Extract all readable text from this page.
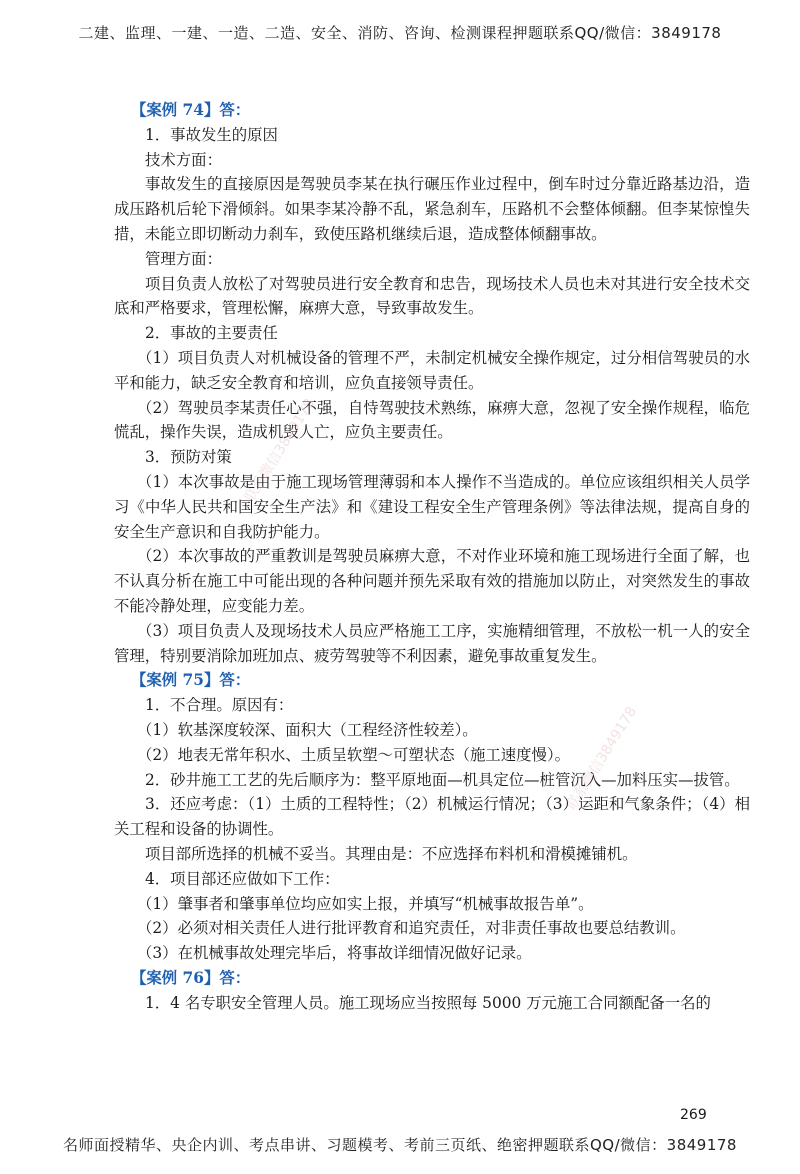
二建、监理、一建、一造、二造、安全、消防、咨询、检测课程押题联系QQ/微信：3849178

【案例 74】答：

1．事故发生的原因

技术方面：

事故发生的直接原因是驾驶员李某在执行碾压作业过程中，倒车时过分靠近路基边沿，造成压路机后轮下滑倾斜。如果李某冷静不乱，紧急刹车，压路机不会整体倾翻。但李某惊惶失措，未能立即切断动力刹车，致使压路机继续后退，造成整体倾翻事故。

管理方面：

项目负责人放松了对驾驶员进行安全教育和忠告，现场技术人员也未对其进行安全技术交底和严格要求，管理松懈，麻痹大意，导致事故发生。

2．事故的主要责任

（1）项目负责人对机械设备的管理不严，未制定机械安全操作规定，过分相信驾驶员的水平和能力，缺乏安全教育和培训，应负直接领导责任。

（2）驾驶员李某责任心不强，自恃驾驶技术熟练，麻痹大意，忽视了安全操作规程，临危慌乱，操作失误，造成机毁人亡，应负主要责任。

3．预防对策

（1）本次事故是由于施工现场管理薄弱和本人操作不当造成的。单位应该组织相关人员学习《中华人民共和国安全生产法》和《建设工程安全生产管理条例》等法律法规，提高自身的安全生产意识和自我防护能力。

（2）本次事故的严重教训是驾驶员麻痹大意，不对作业环境和施工现场进行全面了解，也不认真分析在施工中可能出现的各种问题并预先采取有效的措施加以防止，对突然发生的事故不能冷静处理，应变能力差。

（3）项目负责人及现场技术人员应严格施工工序，实施精细管理，不放松一机一人的安全管理，特别要消除加班加点、疲劳驾驶等不利因素，避免事故重复发生。

【案例 75】答：

1．不合理。原因有：

（1）软基深度较深、面积大（工程经济性较差）。

（2）地表无常年积水、土质呈软塑～可塑状态（施工速度慢）。

2．砂井施工工艺的先后顺序为：整平原地面—机具定位—桩管沉入—加料压实—拔管。

3．还应考虑：（1）土质的工程特性；（2）机械运行情况；（3）运距和气象条件；（4）相关工程和设备的协调性。

项目部所选择的机械不妥当。其理由是：不应选择布料机和滑模摊铺机。

4．项目部还应做如下工作：

（1）肇事者和肇事单位均应如实上报，并填写“机械事故报告单”。

（2）必须对相关责任人进行批评教育和追究责任，对非责任事故也要总结教训。

（3）在机械事故处理完毕后，将事故详细情况做好记录。

【案例 76】答：

1．4 名专职安全管理人员。施工现场应当按照每 5000 万元施工合同额配备一名的

联系微信3849178
联系微信3849178
269
名师面授精华、央企内训、考点串讲、习题模考、考前三页纸、绝密押题联系QQ/微信：3849178
